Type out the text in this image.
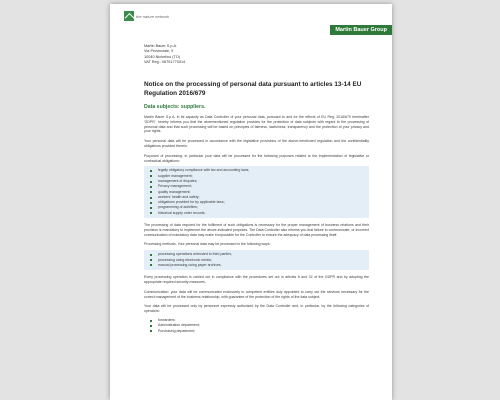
the nature network
Martin Bauer Group
Martin Bauer S.p.A.
Via Provinciale, 9
10040 Nichelino (TO)
VAT Reg.: 06751770014
Notice on the processing of personal data pursuant to articles 13-14 EU Regulation 2016/679
Data subjects: suppliers.

Martin Bauer S.p.A. in its capacity as Data Controller of your personal data, pursuant to and for the effects of EU Reg. 2016/679 hereinafter 'GDPR', hereby informs you that the aforementioned regulation provides for the protection of data subjects with regard to the processing of personal data and that such processing will be based on principles of fairness, lawfulness, transparency and the protection of your privacy and your rights.

Your personal data will be processed in accordance with the legislative provisions of the above-mentioned regulation and the confidentiality obligations provided therein.

Purposes of processing: in particular your data will be processed for the following purposes related to the implementation of legislative or contractual obligations:

legally obligatory compliance with tax and accounting laws;
supplier management;
management of disputes;
Privacy management;
quality management;
workers' health and safety;
obligations provided for by applicable laws;
programming of activities;
historical supply order records.

The processing of data required for the fulfilment of such obligations is necessary for the proper management of business relations and their provision is mandatory to implement the above-indicated purposes. The Data Controller also informs you that failure to communicate, or incorrect communication of mandatory data may make it impossible for the Controller to ensure the adequacy of data processing itself.

Processing methods. Your personal data may be processed in the following ways:

processing operations entrusted to third parties;
processing using electronic media;
manual processing using paper archives.

Every processing operation is carried out in compliance with the procedures set out in articles 6 and 32 of the GDPR and by adopting the appropriate required security measures.

Communication: your data will be communicated exclusively to competent entities duly appointed to carry out the services necessary for the correct management of the business relationship, with guarantee of the protection of the rights of the data subject.

Your data will be processed only by personnel expressly authorized by the Data Controller and, in particular, by the following categories of operators:

forwarders;
Administration department;
Purchasing department;
